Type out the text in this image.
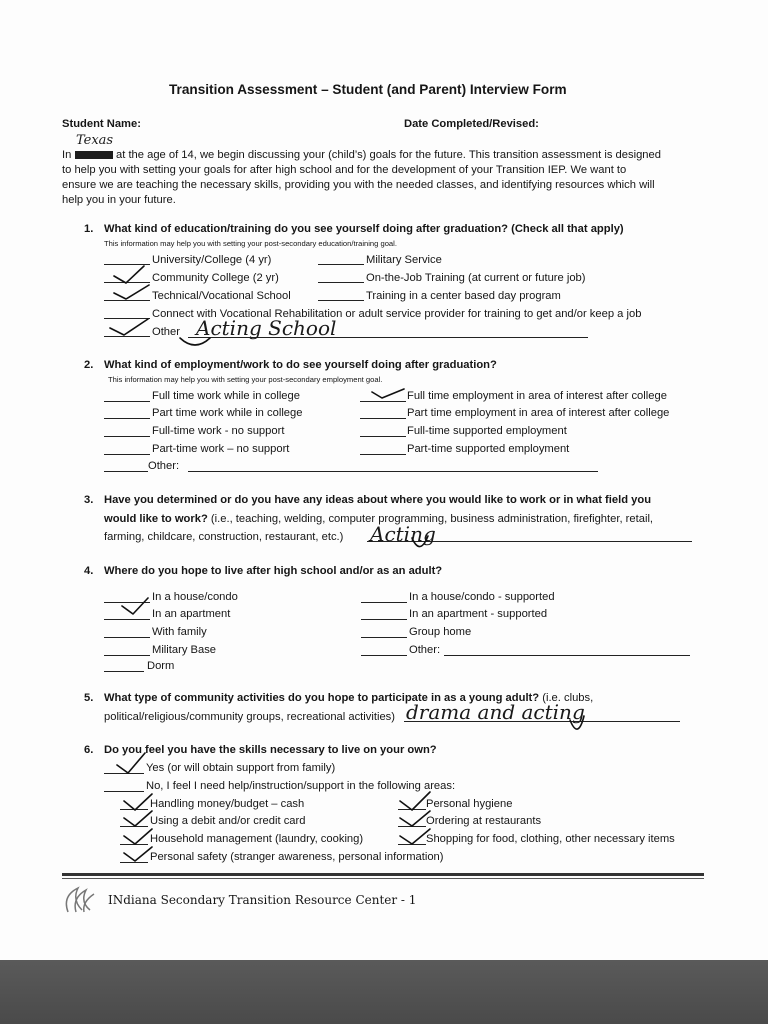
Transition Assessment – Student (and Parent) Interview Form
Student Name:	Date Completed/Revised:
Texas
In	at the age of 14, we begin discussing your (child’s) goals for the future. This transition assessment is designed
to help you with setting your goals for after high school and for the development of your Transition IEP. We want to
ensure we are teaching the necessary skills, providing you with the needed classes, and identifying resources which will
help you in your future.
1. What kind of education/training do you see yourself doing after graduation? (Check all that apply)
This information may help you with setting your post-secondary education/training goal.
University/College (4 yr)
Community College (2 yr)
Technical/Vocational School
Military Service
On-the-Job Training (at current or future job)
Training in a center based day program
Connect with Vocational Rehabilitation or adult service provider for training to get and/or keep a job
Other Acting School
2. What kind of employment/work to do see yourself doing after graduation?
This information may help you with setting your post-secondary employment goal.
Full time work while in college
Part time work while in college
Full-time work - no support
Part-time work – no support
Full time employment in area of interest after college
Part time employment in area of interest after college
Full-time supported employment
Part-time supported employment
Other:
3. Have you determined or do you have any ideas about where you would like to work or in what field you
would like to work? (i.e., teaching, welding, computer programming, business administration, firefighter, retail,
farming, childcare, construction, restaurant, etc.) Acting
4. Where do you hope to live after high school and/or as an adult?
In a house/condo
In an apartment
With family
Military Base
Dorm
In a house/condo - supported
In an apartment - supported
Group home
Other:
5. What type of community activities do you hope to participate in as a young adult? (i.e. clubs,
political/religious/community groups, recreational activities) drama and acting
6. Do you feel you have the skills necessary to live on your own?
Yes (or will obtain support from family)
No, I feel I need help/instruction/support in the following areas:
Handling money/budget – cash
Using a debit and/or credit card
Household management (laundry, cooking)
Personal safety (stranger awareness, personal information)
Personal hygiene
Ordering at restaurants
Shopping for food, clothing, other necessary items
INdiana Secondary Transition Resource Center - 1
